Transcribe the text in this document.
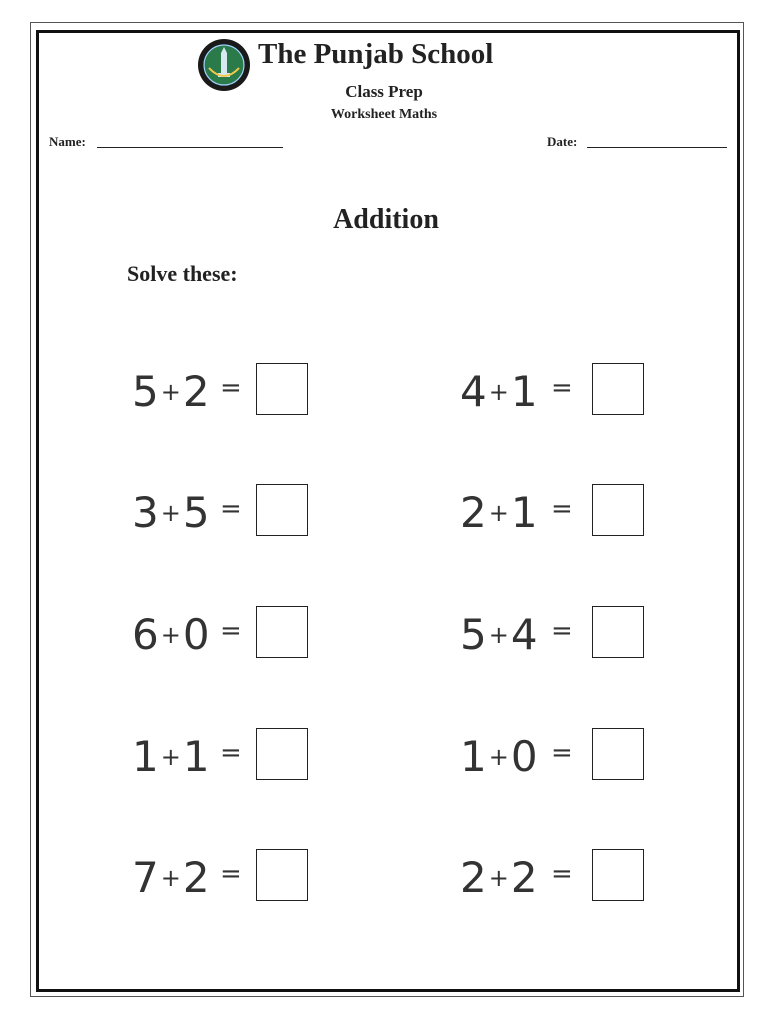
The Punjab School
Class Prep
Worksheet Maths
Name:	Date:
Addition
Solve these:
5 + 2 =
3 + 5 =
6 + 0 =
1 + 1 =
7 + 2 =
4 + 1 =
2 + 1 =
5 + 4 =
1 + 0 =
2 + 2 =
